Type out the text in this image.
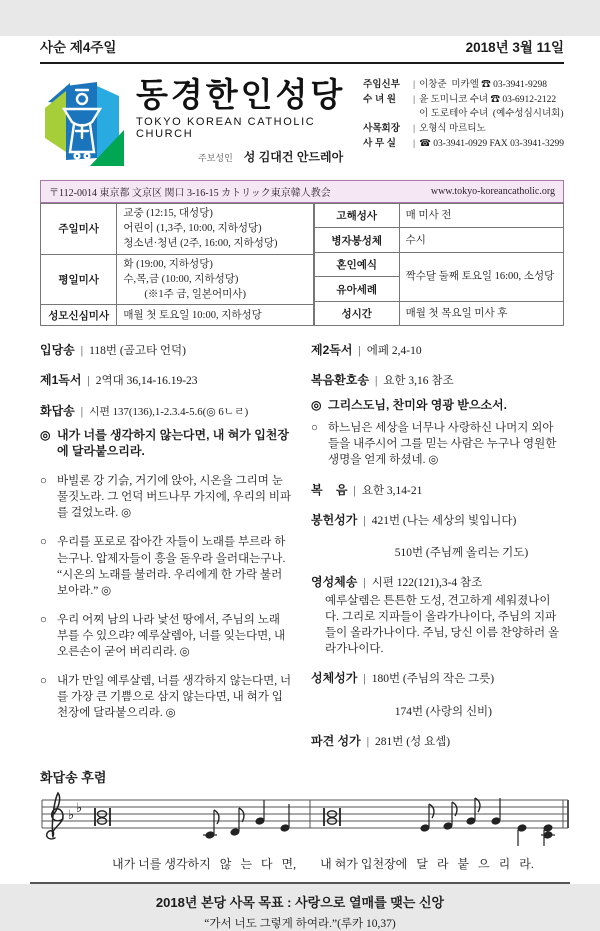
사순 제4주일	2018년 3월 11일
동경한인성당
TOKYO KOREAN CATHOLIC CHURCH
주보성인 성 김대건 안드레아
주임신부	| 이창준  미카엘 ☎ 03-3941-9298
수 녀 원	| 윤 도미니코 수녀 ☎ 03-6912-2122
이 도로테아 수녀  (예수성심시녀회)
사목회장	| 오형식 마르티노
사 무 실	| ☎ 03-3941-0929 FAX 03-3941-3299
〒112-0014 東京都 文京区 関口 3-16-15 カトリック東京韓人教会	www.tokyo-koreancatholic.org
주일미사	교중 (12:15, 대성당)
어린이 (1,3주, 10:00, 지하성당)
청소년·청년 (2주, 16:00, 지하성당)

평일미사	화 (19:00, 지하성당)
수,목,금 (10:00, 지하성당)
(※1주 금, 일본어미사)

성모신심미사	매월 첫 토요일 10:00, 지하성당
고해성사	매 미사 전
병자봉성체	수시
혼인예식	짝수달 둘째 토요일 16:00, 소성당
유아세례	
성시간	매월 첫 목요일 미사 후
입당송 | 118번 (골고타 언덕)
제1독서 | 2역대 36,14-16.19-23
화답송 | 시편 137(136),1-2.3.4-5.6(◎ 6ㄴㄹ)
◎ 내가 너를 생각하지 않는다면, 내 혀가 입천장에 달라붙으리라.
○ 바빌론 강 기슭, 거기에 앉아, 시온을 그리며 눈물짓노라. 그 언덕 버드나무 가지에, 우리의 비파를 걸었노라. ◎
○ 우리를 포로로 잡아간 자들이 노래를 부르라 하는구나. 압제자들이 흥을 돋우라 을러대는구나. “시온의 노래를 불러라. 우리에게 한 가락 불러 보아라.” ◎
○ 우리 어찌 남의 나라 낯선 땅에서, 주님의 노래 부를 수 있으랴? 예루살렘아, 너를 잊는다면, 내 오른손이 굳어 버리리라. ◎
○ 내가 만일 예루살렘, 너를 생각하지 않는다면, 너를 가장 큰 기쁨으로 삼지 않는다면, 내 혀가 입천장에 달라붙으리라. ◎
제2독서 | 에페 2,4-10
복음환호송 | 요한 3,16 참조
◎ 그리스도님, 찬미와 영광 받으소서.
○ 하느님은 세상을 너무나 사랑하신 나머지 외아들을 내주시어 그를 믿는 사람은 누구나 영원한 생명을 얻게 하셨네. ◎
복    음 | 요한 3,14-21
봉헌성가 | 421번 (나는 세상의 빛입니다)

510번 (주님께 올리는 기도)
영성체송 | 시편 122(121),3-4 참조
예루살렘은 튼튼한 도성, 견고하게 세워졌나이다. 그리로 지파들이 올라가나이다, 주님의 지파들이 올라가나이다. 주님, 당신 이름 찬양하러 올라가나이다.
성체성가 | 180번 (주님의 작은 그릇)

174번 (사랑의 신비)
파견 성가 | 281번 (성 요셉)
화답송 후렴
♭ ♭
내가 너를 생각하지   않   는   다   면,        내 혀가 입천장에   달   라   붙   으   리   라.
2018년 본당 사목 목표 : 사랑으로 열매를 맺는 신앙
“가서 너도 그렇게 하여라.”(루카 10,37)
